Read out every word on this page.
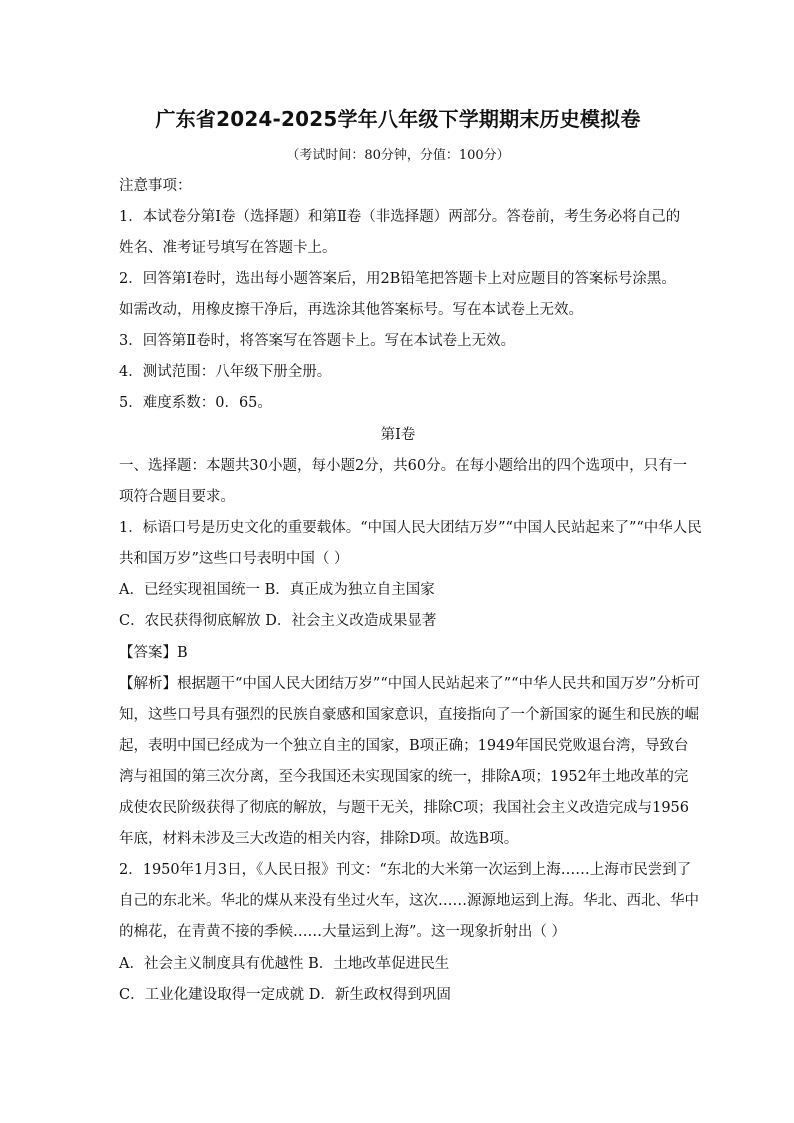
广东省2024-2025学年八年级下学期期末历史模拟卷
（考试时间：80分钟，分值：100分）
注意事项：
1．本试卷分第Ⅰ卷（选择题）和第Ⅱ卷（非选择题）两部分。答卷前，考生务必将自己的
姓名、准考证号填写在答题卡上。
2．回答第Ⅰ卷时，选出每小题答案后，用2B铅笔把答题卡上对应题目的答案标号涂黑。
如需改动，用橡皮擦干净后，再选涂其他答案标号。写在本试卷上无效。
3．回答第Ⅱ卷时，将答案写在答题卡上。写在本试卷上无效。
4．测试范围：八年级下册全册。
5．难度系数：0．65。
第Ⅰ卷
一、选择题：本题共30小题，每小题2分，共60分。在每小题给出的四个选项中，只有一
项符合题目要求。
1．标语口号是历史文化的重要载体。“中国人民大团结万岁”“中国人民站起来了”“中华人民
共和国万岁”这些口号表明中国（ ）
A．已经实现祖国统一 B．真正成为独立自主国家
C．农民获得彻底解放 D．社会主义改造成果显著
【答案】B
【解析】根据题干“中国人民大团结万岁”“中国人民站起来了”“中华人民共和国万岁”分析可
知，这些口号具有强烈的民族自豪感和国家意识，直接指向了一个新国家的诞生和民族的崛
起，表明中国已经成为一个独立自主的国家，B项正确；1949年国民党败退台湾，导致台
湾与祖国的第三次分离，至今我国还未实现国家的统一，排除A项；1952年土地改革的完
成使农民阶级获得了彻底的解放，与题干无关，排除C项；我国社会主义改造完成与1956
年底，材料未涉及三大改造的相关内容，排除D项。故选B项。
2．1950年1月3日，《人民日报》刊文：“东北的大米第一次运到上海……上海市民尝到了
自己的东北米。华北的煤从来没有坐过火车，这次……源源地运到上海。华北、西北、华中
的棉花，在青黄不接的季候……大量运到上海”。这一现象折射出（ ）
A．社会主义制度具有优越性 B．土地改革促进民生
C．工业化建设取得一定成就 D．新生政权得到巩固
